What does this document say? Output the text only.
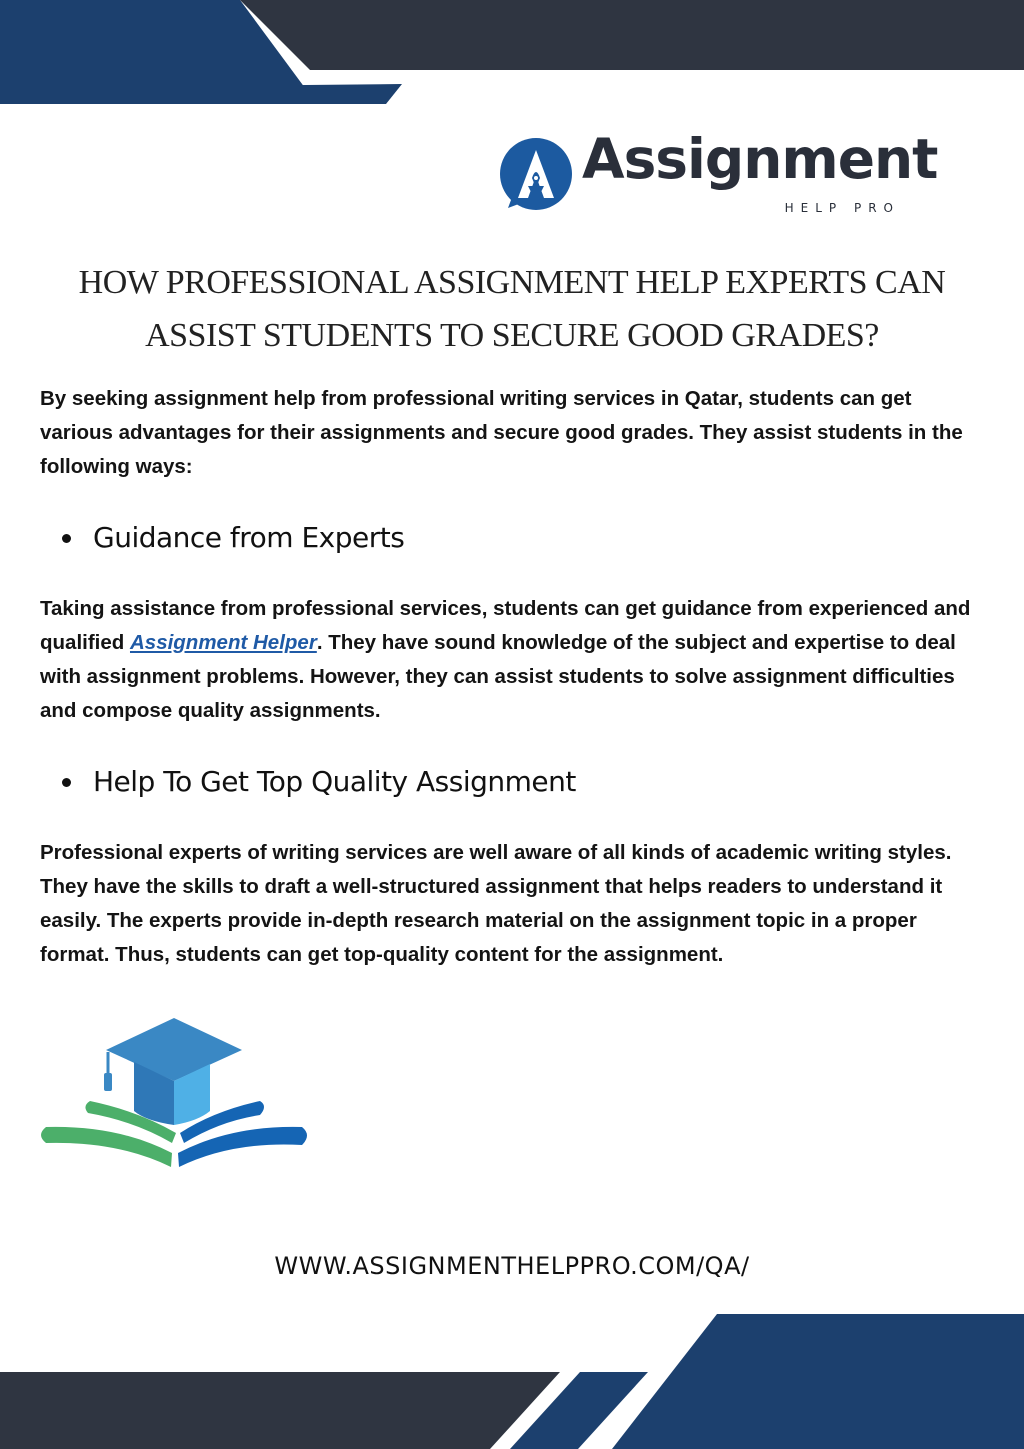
Assignment
HELP PRO
HOW PROFESSIONAL ASSIGNMENT HELP EXPERTS CAN ASSIST STUDENTS TO SECURE GOOD GRADES?

By seeking assignment help from professional writing services in Qatar, students can get various advantages for their assignments and secure good grades. They assist students in the following ways:

Guidance from Experts

Taking assistance from professional services, students can get guidance from experienced and qualified Assignment Helper. They have sound knowledge of the subject and expertise to deal with assignment problems. However, they can assist students to solve assignment difficulties and compose quality assignments.

Help To Get Top Quality Assignment

Professional experts of writing services are well aware of all kinds of academic writing styles. They have the skills to draft a well-structured assignment that helps readers to understand it easily. The experts provide in-depth research material on the assignment topic in a proper format. Thus, students can get top-quality content for the assignment.

WWW.ASSIGNMENTHELPPRO.COM/QA/
